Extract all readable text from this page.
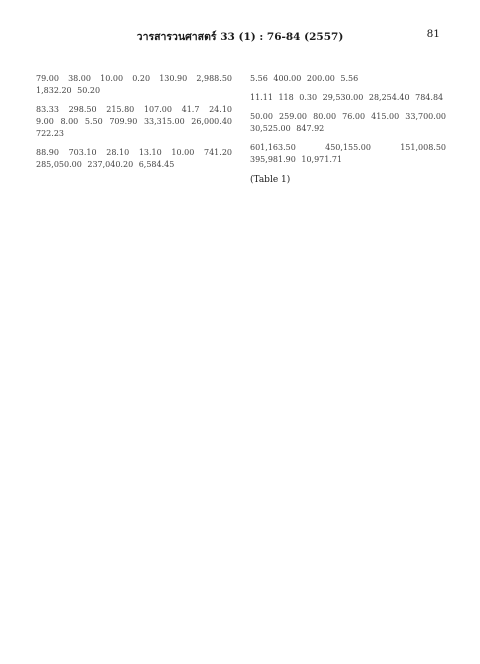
วารสารวนศาสตร์ 33 (1) : 76-84 (2557)	81

79.00 38.00 10.00 0.20 130.90 2,988.50 1,832.20 50.20

83.33 298.50 215.80 107.00 41.7 24.10 9.00 8.00 5.50 709.90 33,315.00 26,000.40 722.23

88.90 703.10 28.10 13.10 10.00 741.20 285,050.00 237,040.20 6,584.45

5.56 400.00 200.00 5.56

11.11 118 0.30 29,530.00 28,254.40 784.84

50.00 259.00 80.00 76.00 415.00 33,700.00 30,525.00 847.92

601,163.50 450,155.00 151,008.50 395,981.90 10,971.71

(Table 1)
